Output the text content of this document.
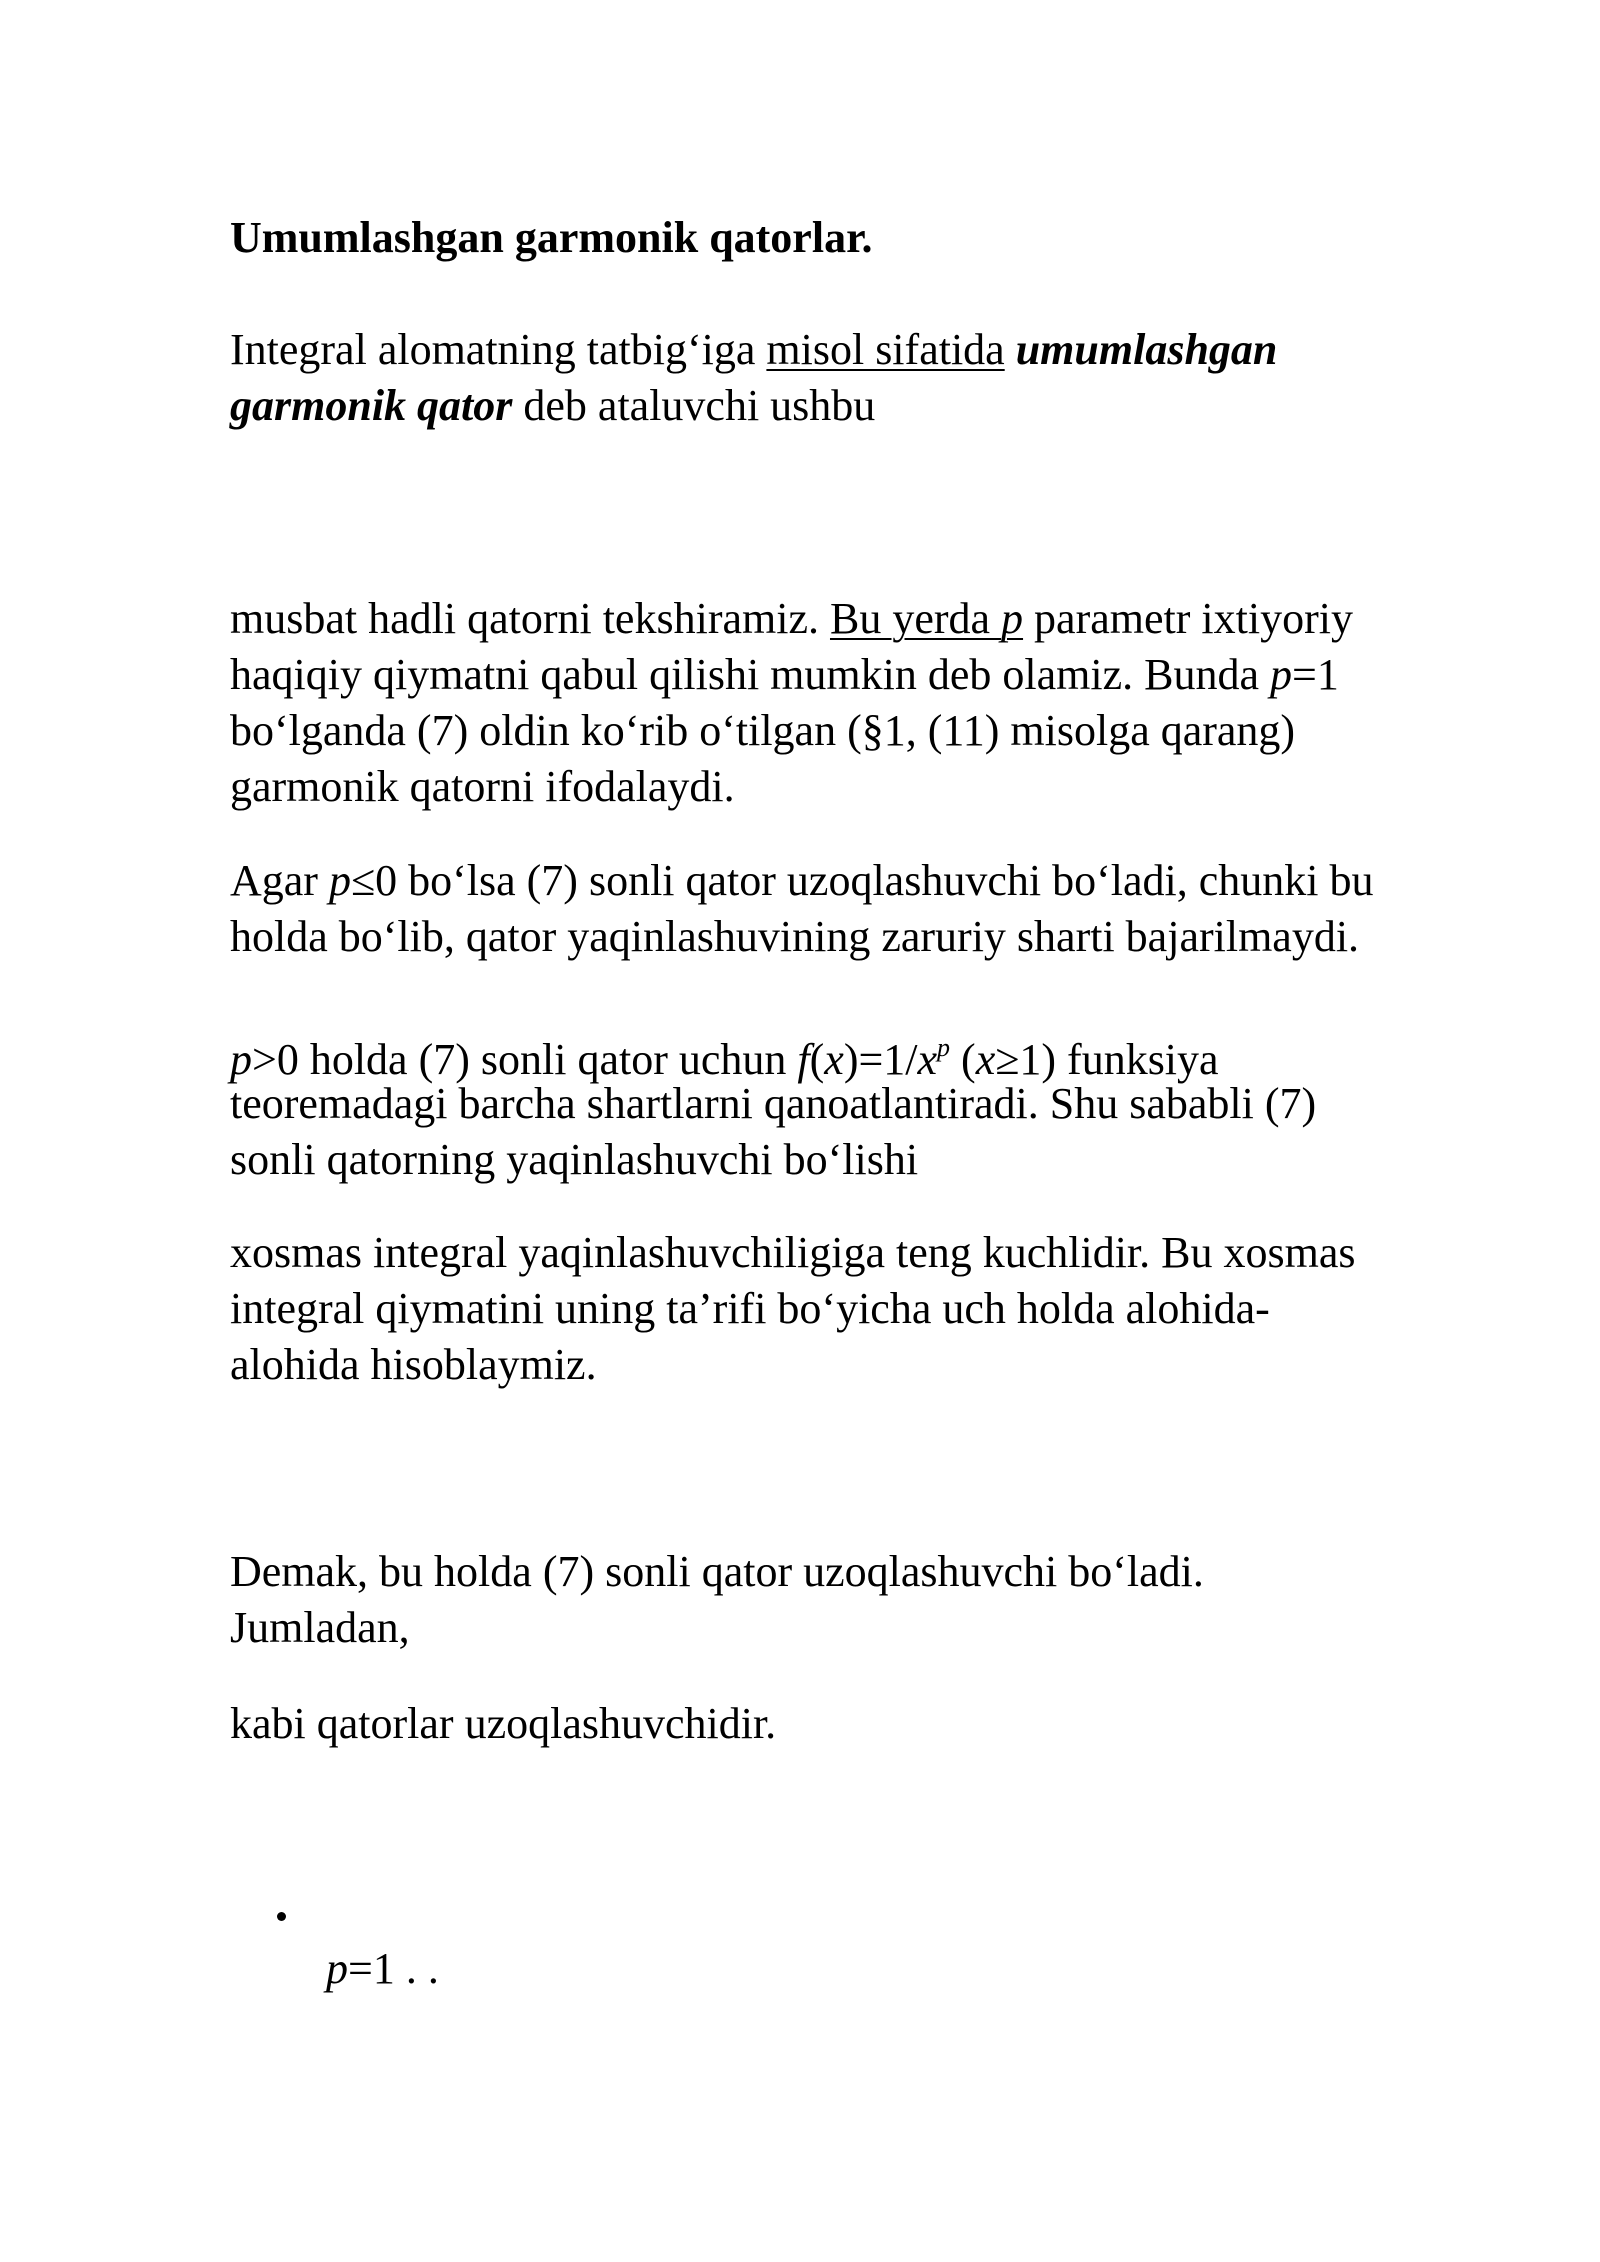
Umumlashgan garmonik qatorlar.
Integral alomatning tatbig‘iga misol sifatida umumlashgan
garmonik qator deb ataluvchi ushbu
musbat hadli qatorni tekshiramiz. Bu yerda p parametr ixtiyoriy
haqiqiy qiymatni qabul qilishi mumkin deb olamiz. Bunda p=1
bo‘lganda (7) oldin ko‘rib o‘tilgan (§1, (11) misolga qarang)
garmonik qatorni ifodalaydi.
Agar p≤0 bo‘lsa (7) sonli qator uzoqlashuvchi bo‘ladi, chunki bu
holda bo‘lib, qator yaqinlashuvining zaruriy sharti bajarilmaydi.
p>0 holda (7) sonli qator uchun $f(x)=1/x^p$ (x≥1) funksiya
teoremadagi barcha shartlarni qanoatlantiradi. Shu sababli (7)
sonli qatorning yaqinlashuvchi bo‘lishi
xosmas integral yaqinlashuvchiligiga teng kuchlidir. Bu xosmas
integral qiymatini uning ta’rifi bo‘yicha uch holda alohida-
alohida hisoblaymiz.
Demak, bu holda (7) sonli qator uzoqlashuvchi bo‘ladi.
Jumladan,
kabi qatorlar uzoqlashuvchidir.
p=1 . .
